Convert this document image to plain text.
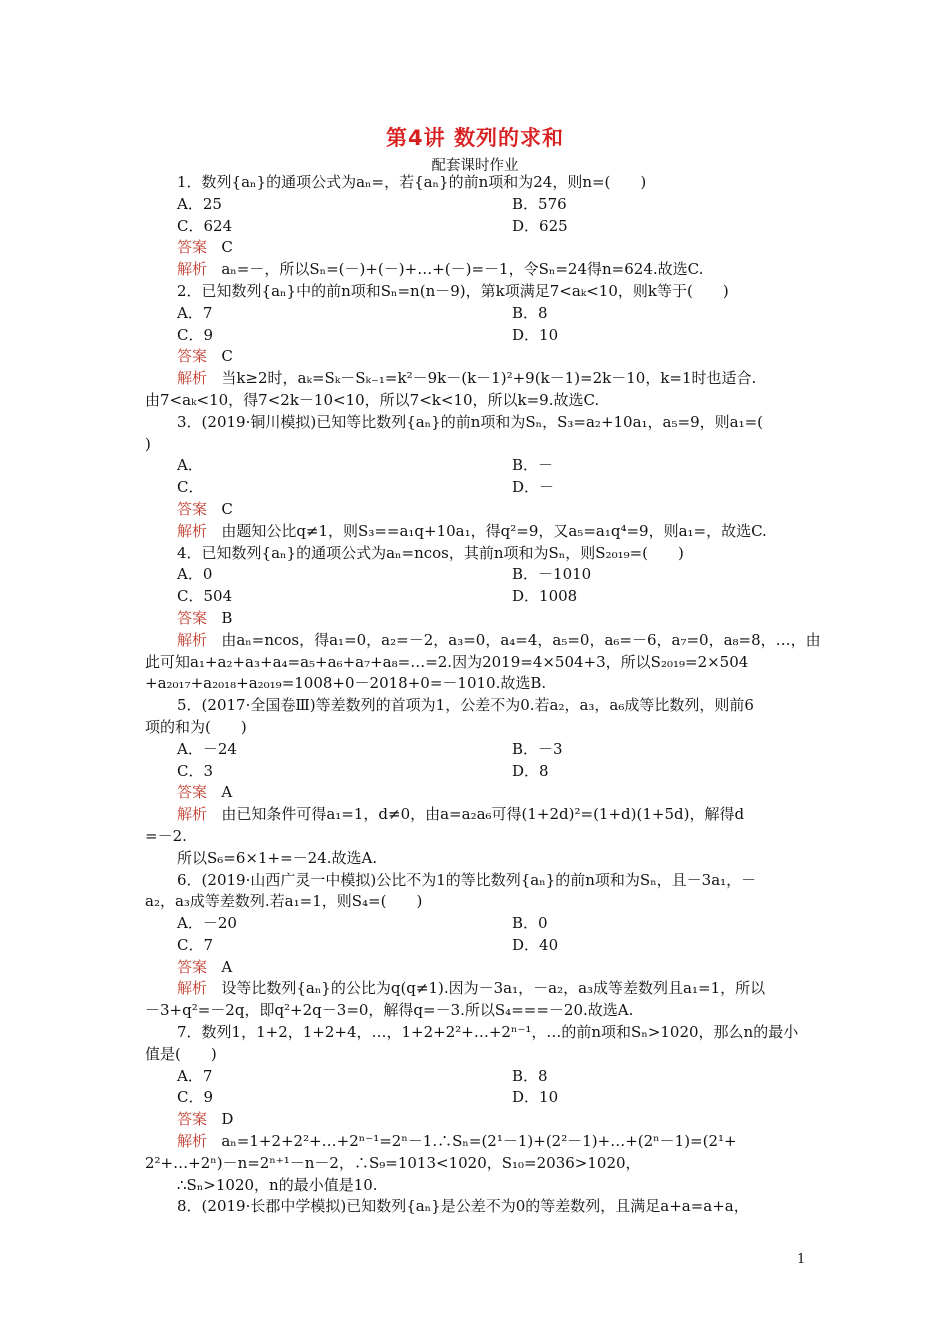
第4讲 数列的求和
配套课时作业
1．数列{aₙ}的通项公式为aₙ=，若{aₙ}的前n项和为24，则n=(　　)
A．25	B．576
C．624	D．625
答案 C
解析 aₙ=－，所以Sₙ=(－)+(－)+…+(－)=－1，令Sₙ=24得n=624.故选C.
2．已知数列{aₙ}中的前n项和Sₙ=n(n－9)，第k项满足7<aₖ<10，则k等于(　　)
A．7	B．8
C．9	D．10
答案 C
解析 当k≥2时，aₖ=Sₖ－Sₖ₋₁=k²－9k－(k－1)²+9(k－1)=2k－10，k=1时也适合.
由7<aₖ<10，得7<2k－10<10，所以7<k<10，所以k=9.故选C.
3．(2019·铜川模拟)已知等比数列{aₙ}的前n项和为Sₙ，S₃=a₂+10a₁，a₅=9，则a₁=(
)
A．	B．－
C．	D．－
答案 C
解析 由题知公比q≠1，则S₃==a₁q+10a₁，得q²=9，又a₅=a₁q⁴=9，则a₁=，故选C.
4．已知数列{aₙ}的通项公式为aₙ=ncos，其前n项和为Sₙ，则S₂₀₁₉=(　　)
A．0	B．－1010
C．504	D．1008
答案 B
解析 由aₙ=ncos，得a₁=0，a₂=－2，a₃=0，a₄=4，a₅=0，a₆=－6，a₇=0，a₈=8，…，由
此可知a₁+a₂+a₃+a₄=a₅+a₆+a₇+a₈=…=2.因为2019=4×504+3，所以S₂₀₁₉=2×504
+a₂₀₁₇+a₂₀₁₈+a₂₀₁₉=1008+0－2018+0=－1010.故选B.
5．(2017·全国卷Ⅲ)等差数列的首项为1，公差不为0.若a₂，a₃，a₆成等比数列，则前6
项的和为(　　)
A．－24	B．－3
C．3	D．8
答案 A
解析 由已知条件可得a₁=1，d≠0，由a=a₂a₆可得(1+2d)²=(1+d)(1+5d)，解得d
=－2.
所以S₆=6×1+=－24.故选A.
6．(2019·山西广灵一中模拟)公比不为1的等比数列{aₙ}的前n项和为Sₙ，且－3a₁，－
a₂，a₃成等差数列.若a₁=1，则S₄=(　　)
A．－20	B．0
C．7	D．40
答案 A
解析 设等比数列{aₙ}的公比为q(q≠1).因为－3a₁，－a₂，a₃成等差数列且a₁=1，所以
－3+q²=－2q，即q²+2q－3=0，解得q=－3.所以S₄===－20.故选A.
7．数列1，1+2，1+2+4，…，1+2+2²+…+2ⁿ⁻¹，…的前n项和Sₙ>1020，那么n的最小
值是(　　)
A．7	B．8
C．9	D．10
答案 D
解析 aₙ=1+2+2²+…+2ⁿ⁻¹=2ⁿ－1.∴Sₙ=(2¹－1)+(2²－1)+…+(2ⁿ－1)=(2¹+
2²+…+2ⁿ)－n=2ⁿ⁺¹－n－2，∴S₉=1013<1020，S₁₀=2036>1020，
∴Sₙ>1020，n的最小值是10.
8．(2019·长郡中学模拟)已知数列{aₙ}是公差不为0的等差数列，且满足a+a=a+a，
1
